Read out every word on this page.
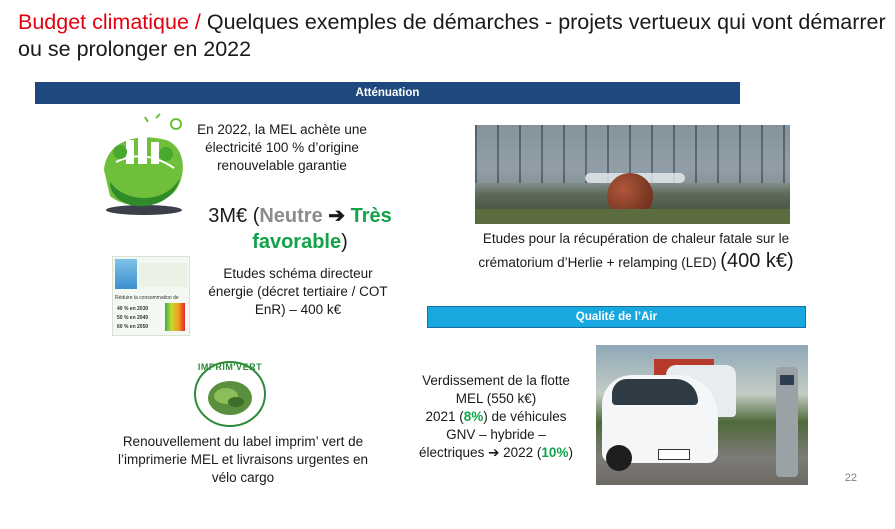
Budget climatique / Quelques exemples de démarches - projets vertueux qui vont démarrer ou se prolonger en 2022
Atténuation
Qualité de l’Air
En 2022, la MEL achète une électricité 100 % d’origine renouvelable garantie
3M€ (Neutre ➔ Très favorable)
Réduire la consommation de
40 % en 2030
50 % en 2040
60 % en 2050
Etudes schéma directeur énergie (décret tertiaire / COT EnR) – 400 k€
Etudes pour la récupération de chaleur fatale sur le
crématorium d’Herlie + relamping (LED) (400 k€)
IMPRIM'VERT
Renouvellement du label imprim’ vert de l’imprimerie MEL et livraisons urgentes en vélo cargo
Verdissement de la flotte
MEL (550 k€)
2021 (8%) de véhicules
GNV – hybride –
électriques ➔ 2022 (10%)
22
